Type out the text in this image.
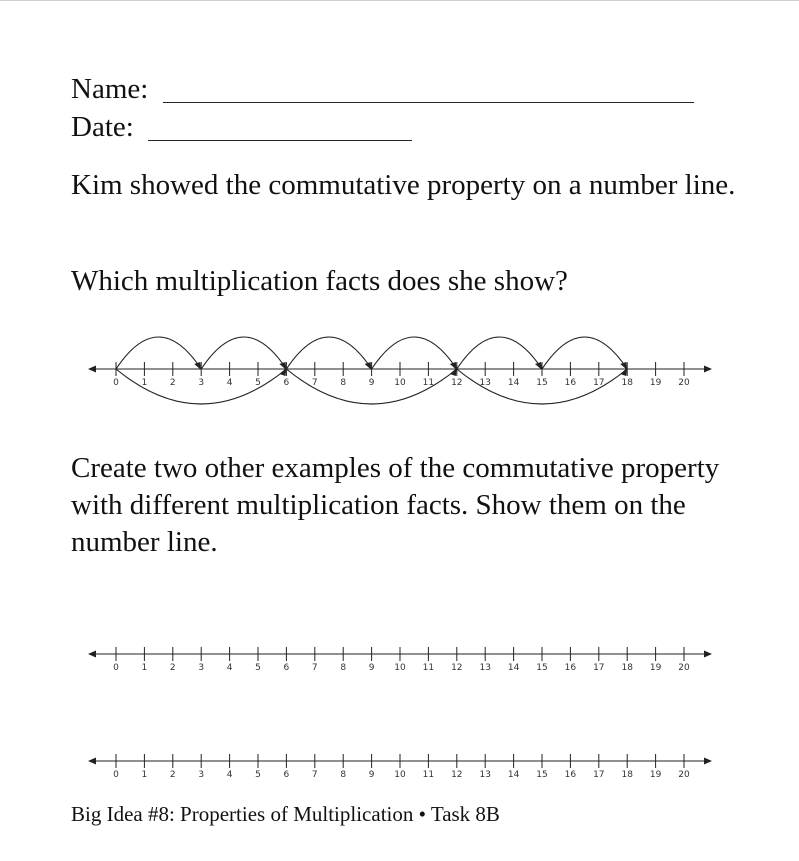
Name:
Date:
Kim showed the commutative property on a number line.
Which multiplication facts does she show?
0	1	2	3	4	5	6	7	8	9 10 11 12 13 14 15 16 17 18 19 20
Create two other examples of the commutative property with different multiplication facts. Show them on the number line.
0	1	2	3	4	5	6	7	8	9 10 11 12 13 14 15 16 17 18 19 20
0	1	2	3	4	5	6	7	8	9 10 11 12 13 14 15 16 17 18 19 20
Big Idea #8: Properties of Multiplication • Task 8B
